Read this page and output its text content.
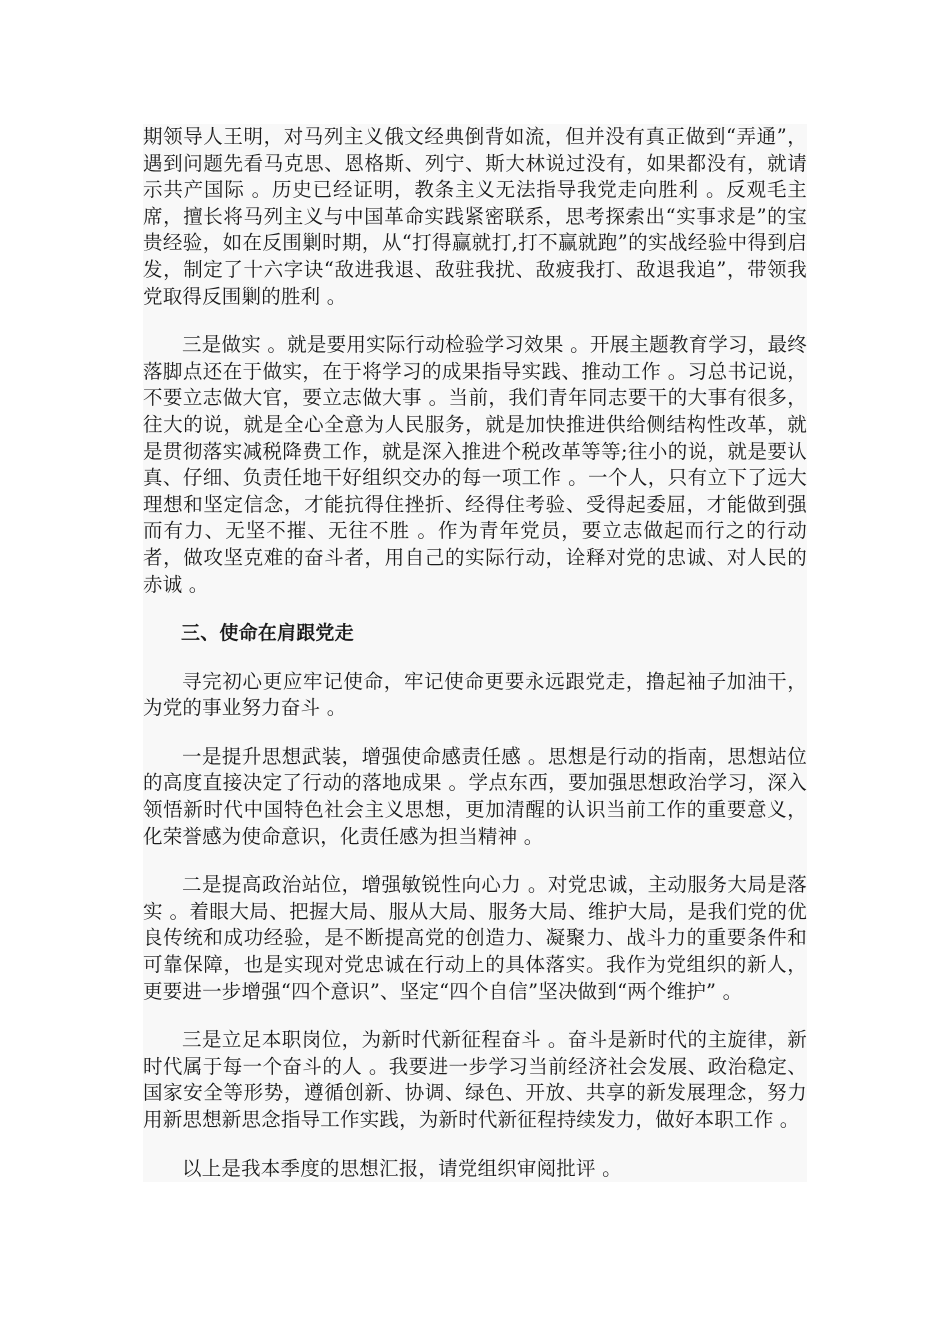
期领导人王明，对马列主义俄文经典倒背如流，但并没有真正做到“弄通”，遇到问题先看马克思、恩格斯、列宁、斯大林说过没有，如果都没有，就请示共产国际 。历史已经证明，教条主义无法指导我党走向胜利 。反观毛主席，擅长将马列主义与中国革命实践紧密联系，思考探索出“实事求是”的宝贵经验，如在反围剿时期，从“打得赢就打,打不赢就跑”的实战经验中得到启发，制定了十六字诀“敌进我退、敌驻我扰、敌疲我打、敌退我追”，带领我党取得反围剿的胜利 。

三是做实 。就是要用实际行动检验学习效果 。开展主题教育学习，最终落脚点还在于做实，在于将学习的成果指导实践、推动工作 。习总书记说，不要立志做大官，要立志做大事 。当前，我们青年同志要干的大事有很多，往大的说，就是全心全意为人民服务，就是加快推进供给侧结构性改革，就是贯彻落实减税降费工作，就是深入推进个税改革等等;往小的说，就是要认真、仔细、负责任地干好组织交办的每一项工作 。一个人，只有立下了远大理想和坚定信念，才能抗得住挫折、经得住考验、受得起委屈，才能做到强而有力、无坚不摧、无往不胜 。作为青年党员，要立志做起而行之的行动者，做攻坚克难的奋斗者，用自己的实际行动，诠释对党的忠诚、对人民的赤诚 。

三、使命在肩跟党走

寻完初心更应牢记使命，牢记使命更要永远跟党走，撸起袖子加油干，为党的事业努力奋斗 。

一是提升思想武装，增强使命感责任感 。思想是行动的指南，思想站位的高度直接决定了行动的落地成果 。学点东西，要加强思想政治学习，深入领悟新时代中国特色社会主义思想，更加清醒的认识当前工作的重要意义，化荣誉感为使命意识，化责任感为担当精神 。

二是提高政治站位，增强敏锐性向心力 。对党忠诚，主动服务大局是落实 。着眼大局、把握大局、服从大局、服务大局、维护大局，是我们党的优良传统和成功经验，是不断提高党的创造力、凝聚力、战斗力的重要条件和可靠保障，也是实现对党忠诚在行动上的具体落实。我作为党组织的新人，更要进一步增强“四个意识”、坚定“四个自信”坚决做到“两个维护” 。

三是立足本职岗位，为新时代新征程奋斗 。奋斗是新时代的主旋律，新时代属于每一个奋斗的人 。我要进一步学习当前经济社会发展、政治稳定、国家安全等形势，遵循创新、协调、绿色、开放、共享的新发展理念，努力用新思想新思念指导工作实践，为新时代新征程持续发力，做好本职工作 。

以上是我本季度的思想汇报，请党组织审阅批评 。
